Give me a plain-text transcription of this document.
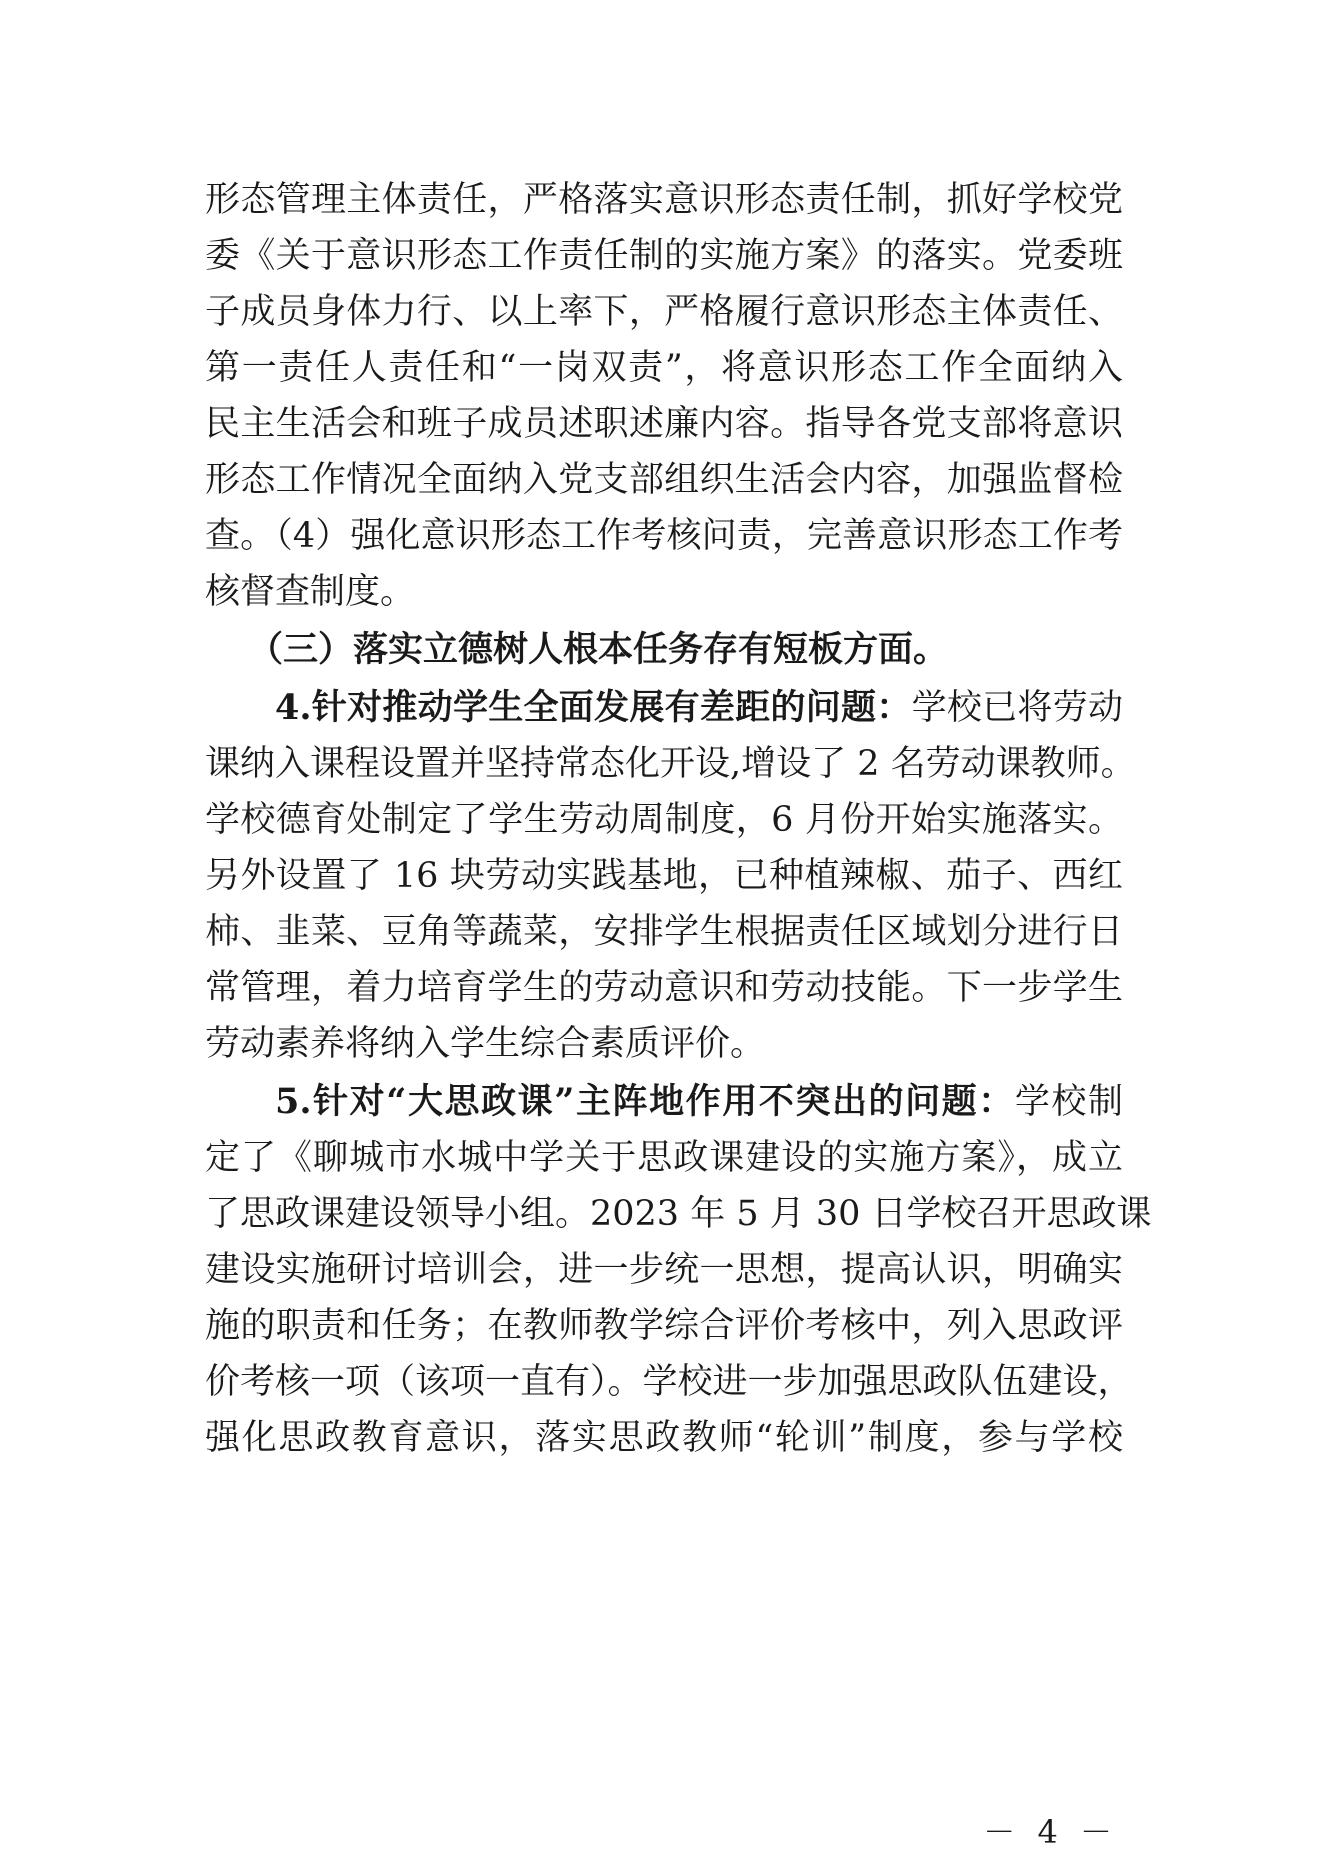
形态管理主体责任，严格落实意识形态责任制，抓好学校党
委《关于意识形态工作责任制的实施方案》的落实。党委班
子成员身体力行、以上率下，严格履行意识形态主体责任、
第一责任人责任和“一岗双责”，将意识形态工作全面纳入
民主生活会和班子成员述职述廉内容。指导各党支部将意识
形态工作情况全面纳入党支部组织生活会内容，加强监督检
查。（4）强化意识形态工作考核问责，完善意识形态工作考
核督查制度。
（三）落实立德树人根本任务存有短板方面。
4.针对推动学生全面发展有差距的问题：学校已将劳动
课纳入课程设置并坚持常态化开设,增设了 2 名劳动课教师。
学校德育处制定了学生劳动周制度，6 月份开始实施落实。
另外设置了 16 块劳动实践基地，已种植辣椒、茄子、西红
柿、韭菜、豆角等蔬菜，安排学生根据责任区域划分进行日
常管理，着力培育学生的劳动意识和劳动技能。下一步学生
劳动素养将纳入学生综合素质评价。
5.针对“大思政课”主阵地作用不突出的问题：学校制
定了《聊城市水城中学关于思政课建设的实施方案》，成立
了思政课建设领导小组。2023 年 5 月 30 日学校召开思政课
建设实施研讨培训会，进一步统一思想，提高认识，明确实
施的职责和任务；在教师教学综合评价考核中，列入思政评
价考核一项（该项一直有）。学校进一步加强思政队伍建设，
强化思政教育意识，落实思政教师“轮训”制度，参与学校
－ 4 －
